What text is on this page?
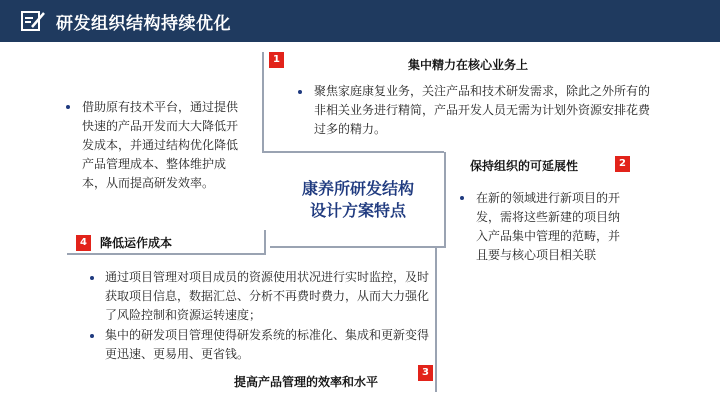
研发组织结构持续优化
1	集中精力在核心业务上
聚焦家庭康复业务，关注产品和技术研发需求，除此之外所有的非相关业务进行精简，产品开发人员无需为计划外资源安排花费过多的精力。
借助原有技术平台，通过提供快速的产品开发而大大降低开发成本，并通过结构优化降低产品管理成本、整体维护成本，从而提高研发效率。
保持组织的可延展性	2
在新的领域进行新项目的开发，需将这些新建的项目纳入产品集中管理的范畴，并且要与核心项目相关联
康养所研发结构
设计方案特点
4	降低运作成本
通过项目管理对项目成员的资源使用状况进行实时监控，及时获取项目信息，数据汇总、分析不再费时费力，从而大力强化了风险控制和资源运转速度；
集中的研发项目管理使得研发系统的标准化、集成和更新变得更迅速、更易用、更省钱。
提高产品管理的效率和水平
3
